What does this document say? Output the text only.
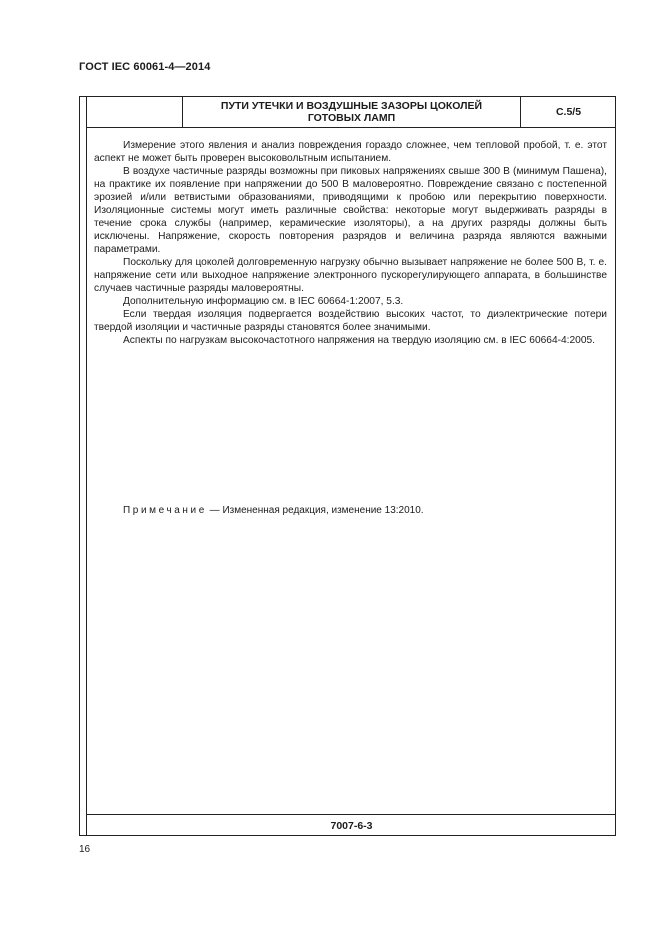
ГОСТ IEC 60061-4—2014
ПУТИ УТЕЧКИ И ВОЗДУШНЫЕ ЗАЗОРЫ ЦОКОЛЕЙ
ГОТОВЫХ ЛАМП	С.5/5

Измерение этого явления и анализ повреждения гораздо сложнее, чем тепловой пробой, т. е. этот аспект не может быть проверен высоковольтным испытанием.

В воздухе частичные разряды возможны при пиковых напряжениях свыше 300 В (минимум Пашена), на практике их появление при напряжении до 500 В маловероятно. Повреждение связано с постепенной эрозией и/или ветвистыми образованиями, приводящими к пробою или перекрытию поверхности. Изоляционные системы могут иметь различные свойства: некоторые могут выдерживать разряды в течение срока службы (например, керамические изоляторы), а на других разряды должны быть исключены. Напряжение, скорость повторения разрядов и величина разряда являются важными параметрами.

Поскольку для цоколей долговременную нагрузку обычно вызывает напряжение не более 500 В, т. е. напряжение сети или выходное напряжение электронного пускорегулирующего аппарата, в большинстве случаев частичные разряды маловероятны.

Дополнительную информацию см. в IEC 60664-1:2007, 5.3.

Если твердая изоляция подвергается воздействию высоких частот, то диэлектрические потери твердой изоляции и частичные разряды становятся более значимыми.

Аспекты по нагрузкам высокочастотного напряжения на твердую изоляцию см. в IEC 60664-4:2005.

Примечание — Измененная редакция, изменение 13:2010.
7007-6-3
16
